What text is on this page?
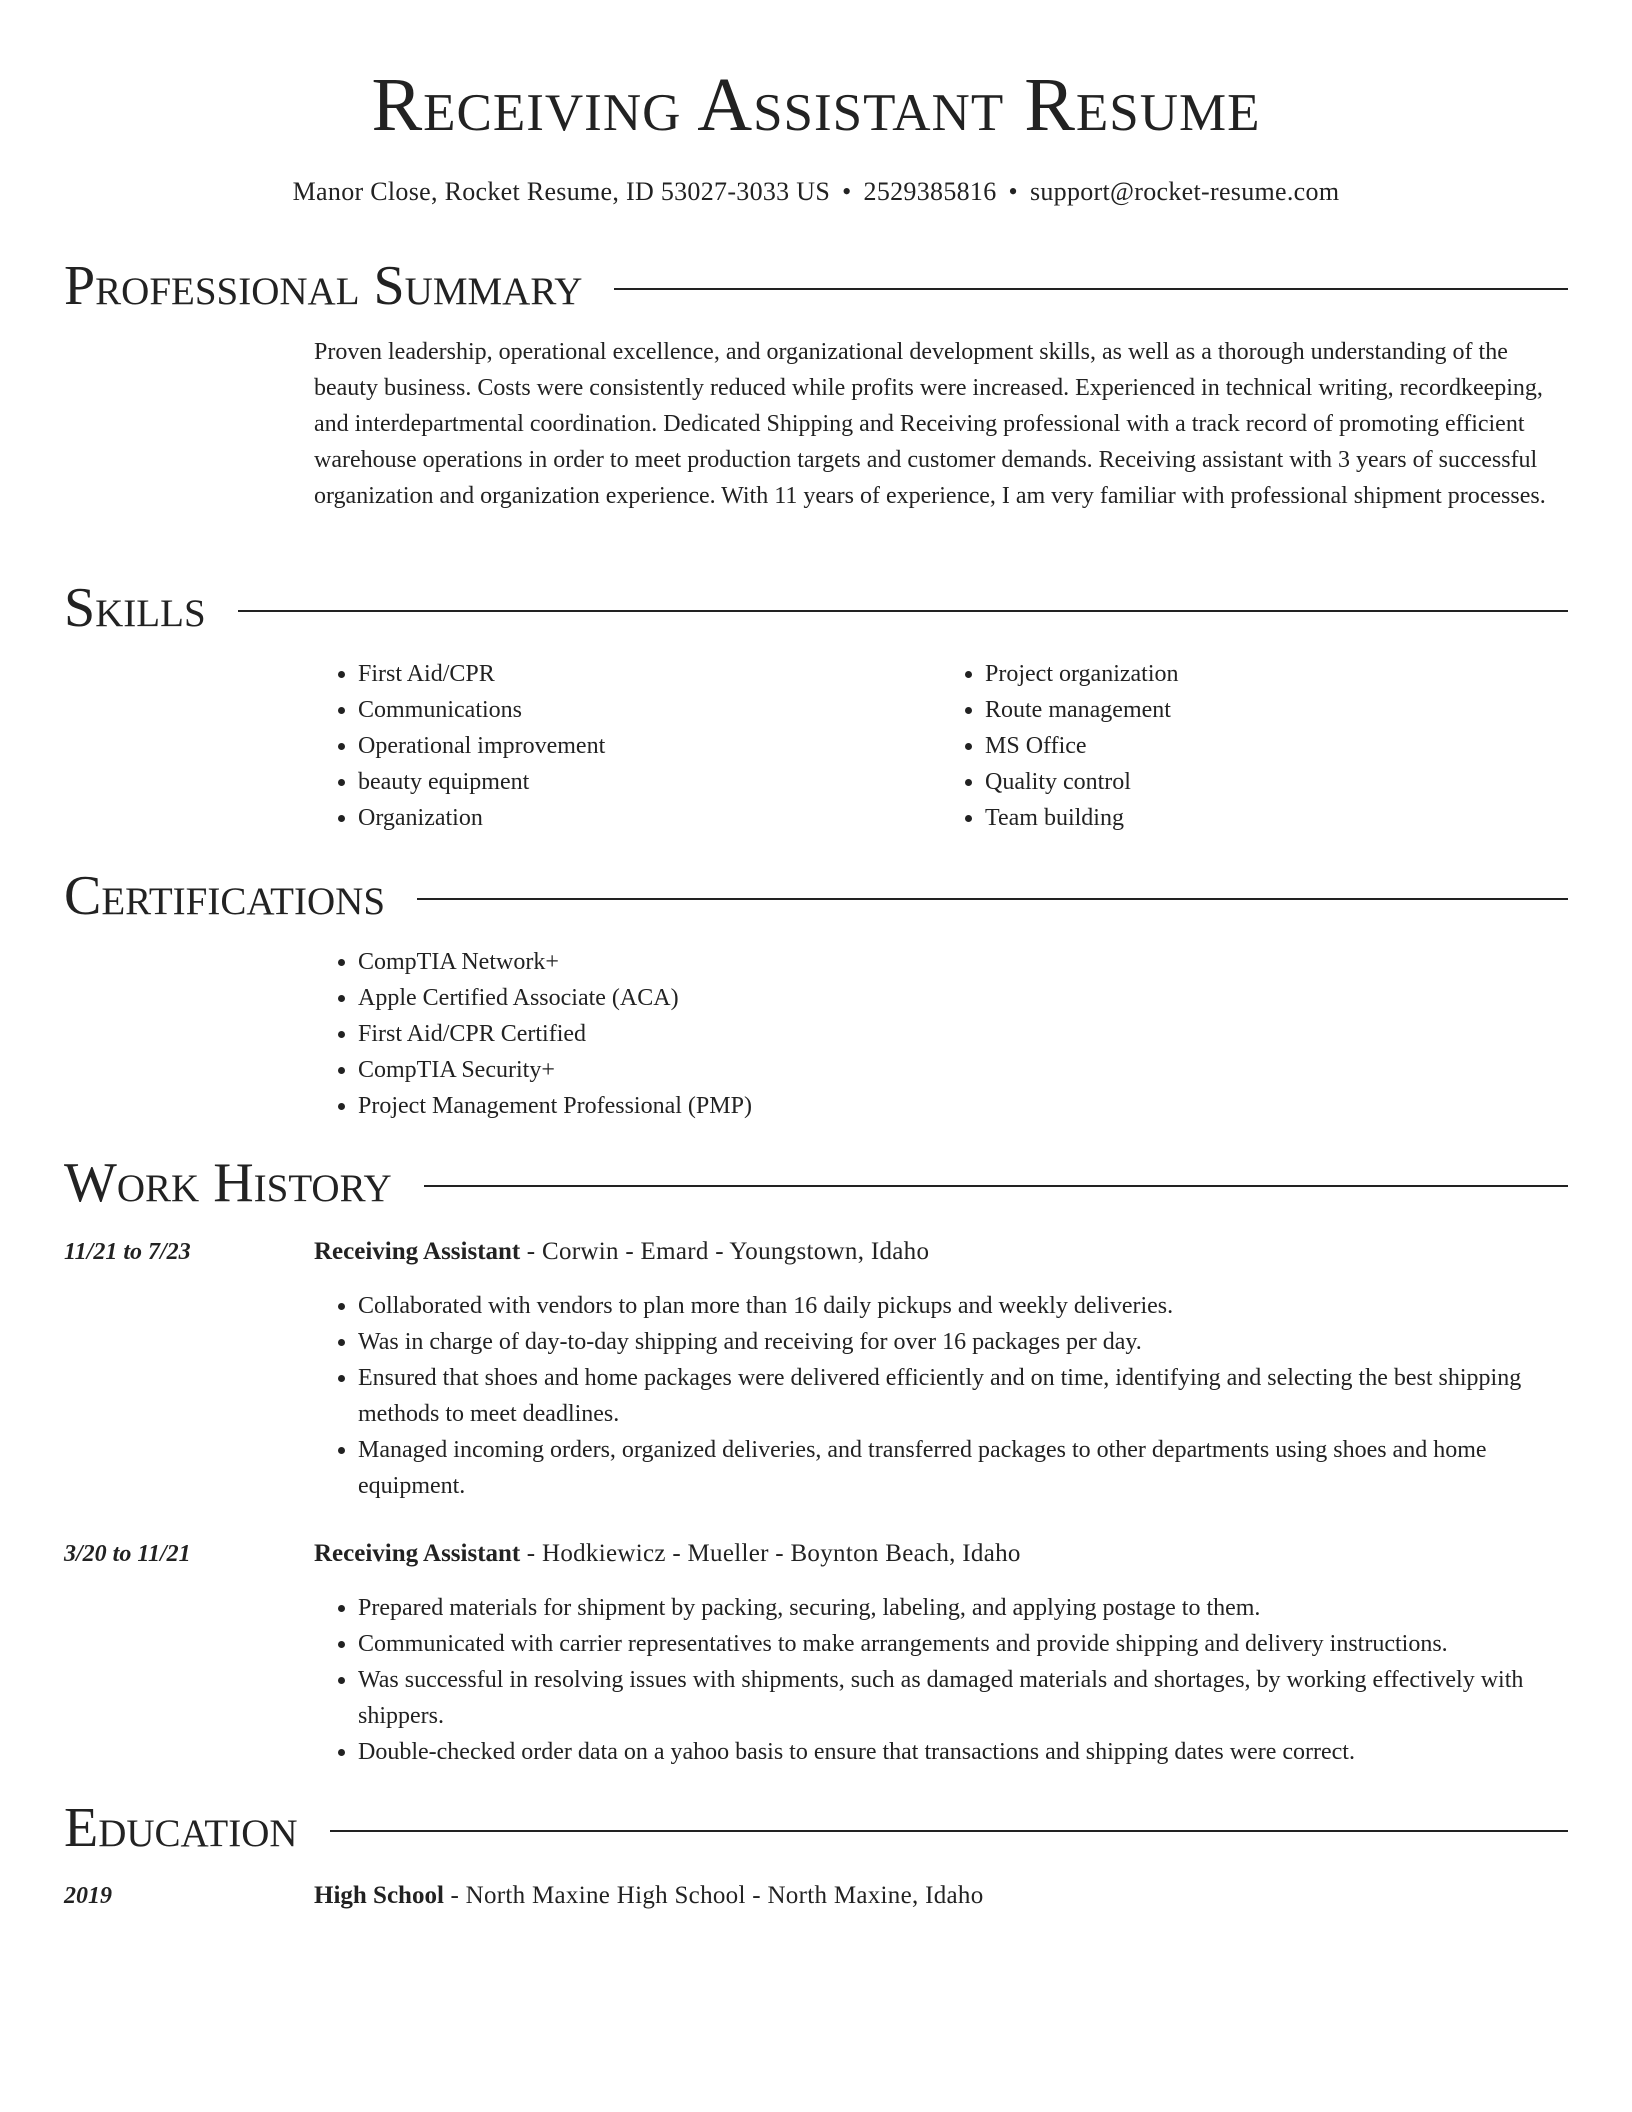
Receiving Assistant Resume
Manor Close, Rocket Resume, ID 53027-3033 US • 2529385816 • support@rocket-resume.com
Professional Summary

Proven leadership, operational excellence, and organizational development skills, as well as a thorough understanding of the beauty business. Costs were consistently reduced while profits were increased. Experienced in technical writing, recordkeeping, and interdepartmental coordination. Dedicated Shipping and Receiving professional with a track record of promoting efficient warehouse operations in order to meet production targets and customer demands. Receiving assistant with 3 years of successful organization and organization experience. With 11 years of experience, I am very familiar with professional shipment processes.

Skills
• First Aid/CPR
• Communications
• Operational improvement
• beauty equipment
• Organization
• Project organization
• Route management
• MS Office
• Quality control
• Team building
Certifications
• CompTIA Network+
• Apple Certified Associate (ACA)
• First Aid/CPR Certified
• CompTIA Security+
• Project Management Professional (PMP)
Work History
11/21 to 7/23	Receiving Assistant - Corwin - Emard - Youngstown, Idaho

• Collaborated with vendors to plan more than 16 daily pickups and weekly deliveries.
• Was in charge of day-to-day shipping and receiving for over 16 packages per day.
• Ensured that shoes and home packages were delivered efficiently and on time, identifying and selecting the best shipping methods to meet deadlines.
• Managed incoming orders, organized deliveries, and transferred packages to other departments using shoes and home equipment.
3/20 to 11/21	Receiving Assistant - Hodkiewicz - Mueller - Boynton Beach, Idaho

• Prepared materials for shipment by packing, securing, labeling, and applying postage to them.
• Communicated with carrier representatives to make arrangements and provide shipping and delivery instructions.
• Was successful in resolving issues with shipments, such as damaged materials and shortages, by working effectively with shippers.
• Double-checked order data on a yahoo basis to ensure that transactions and shipping dates were correct.
Education
2019	High School - North Maxine High School - North Maxine, Idaho
